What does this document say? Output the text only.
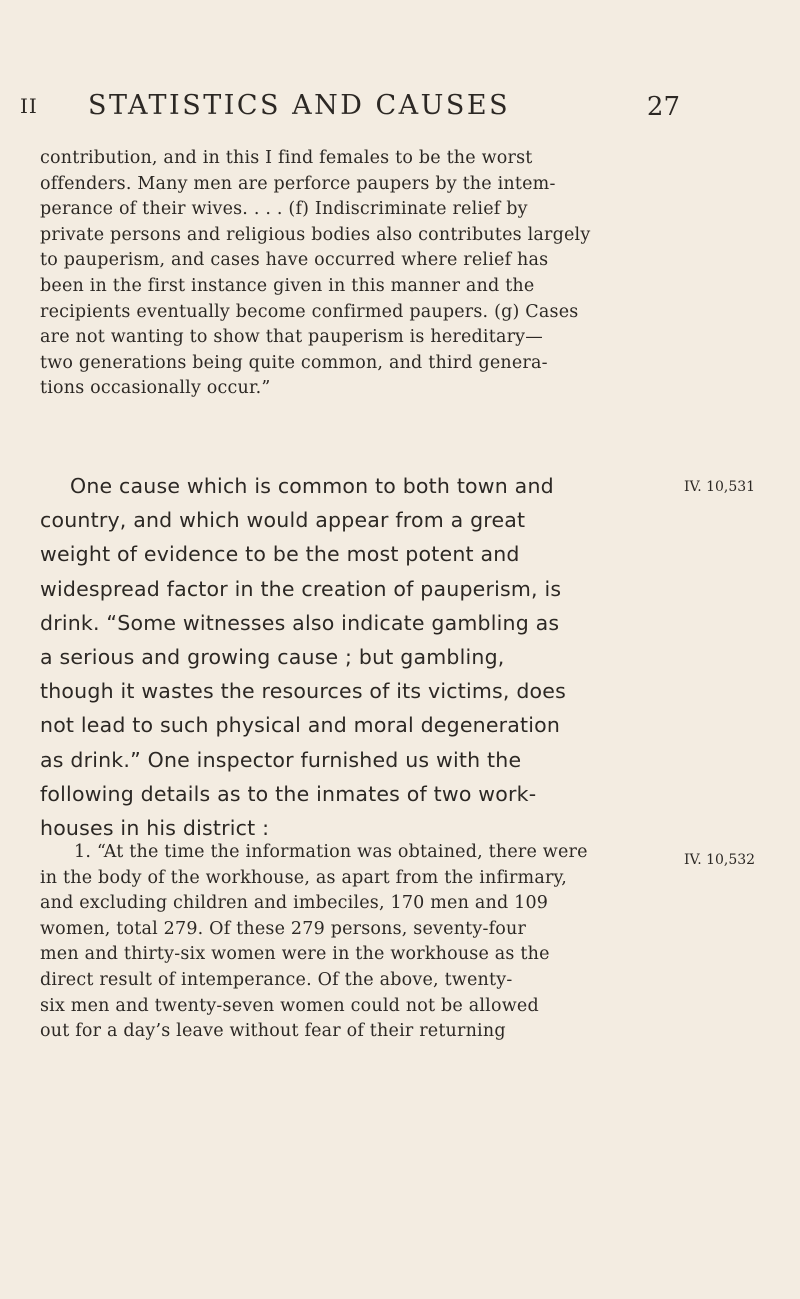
II STATISTICS AND CAUSES	27
contribution, and in this I find females to be the worst
offenders. Many men are perforce paupers by the intem-
perance of their wives. . . . (f) Indiscriminate relief by
private persons and religious bodies also contributes largely
to pauperism, and cases have occurred where relief has
been in the first instance given in this manner and the
recipients eventually become confirmed paupers. (g) Cases
are not wanting to show that pauperism is hereditary—
two generations being quite common, and third genera-
tions occasionally occur.”
IV. 10,531
One cause which is common to both town and
country, and which would appear from a great
weight of evidence to be the most potent and
widespread factor in the creation of pauperism, is
drink. “Some witnesses also indicate gambling as
a serious and growing cause ; but gambling,
though it wastes the resources of its victims, does
not lead to such physical and moral degeneration
as drink.” One inspector furnished us with the
following details as to the inmates of two work-
houses in his district :
IV. 10,532
1. “At the time the information was obtained, there were
in the body of the workhouse, as apart from the infirmary,
and excluding children and imbeciles, 170 men and 109
women, total 279. Of these 279 persons, seventy-four
men and thirty-six women were in the workhouse as the
direct result of intemperance. Of the above, twenty-
six men and twenty-seven women could not be allowed
out for a day’s leave without fear of their returning
